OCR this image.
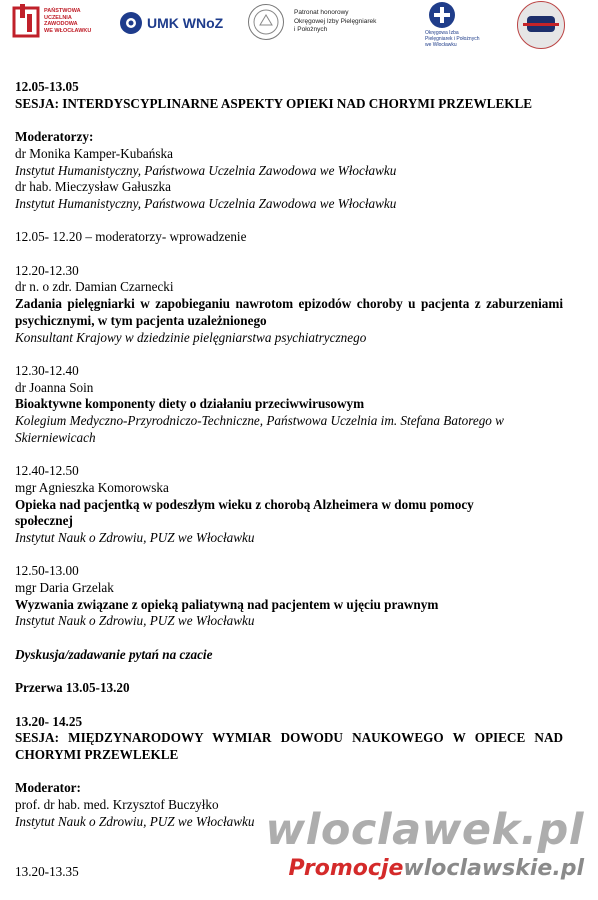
PAŃSTWOWA
UCZELNIA
ZAWODOWA
WE WŁOCŁAWKU	UMK WNoZ
Patronat honorowy
Okręgowej Izby Pielęgniarek
i Położnych	Okręgowa Izba
Pielęgniarek i Położnych
we Włocławku

12.05-13.05

SESJA: INTERDYSCYPLINARNE ASPEKTY OPIEKI NAD CHORYMI PRZEWLEKLE

Moderatorzy:

dr Monika Kamper-Kubańska

Instytut Humanistyczny, Państwowa Uczelnia Zawodowa we Włocławku

dr hab. Mieczysław Gałuszka

Instytut Humanistyczny, Państwowa Uczelnia Zawodowa we Włocławku

12.05- 12.20 – moderatorzy- wprowadzenie

12.20-12.30

dr n. o zdr. Damian Czarnecki

Zadania pielęgniarki w zapobieganiu nawrotom epizodów choroby u pacjenta z zaburzeniami psychicznymi, w tym pacjenta uzależnionego

Konsultant Krajowy w dziedzinie pielęgniarstwa psychiatrycznego

12.30-12.40

dr Joanna Soin

Bioaktywne komponenty diety o działaniu przeciwwirusowym

Kolegium Medyczno-Przyrodniczo-Techniczne, Państwowa Uczelnia im. Stefana Batorego w Skierniewicach

12.40-12.50

mgr Agnieszka Komorowska

Opieka nad pacjentką w podeszłym wieku z chorobą Alzheimera w domu pomocy społecznej

Instytut Nauk o Zdrowiu, PUZ we Włocławku

12.50-13.00

mgr Daria Grzelak

Wyzwania związane z opieką paliatywną nad pacjentem w ujęciu prawnym

Instytut Nauk o Zdrowiu, PUZ we Włocławku

Dyskusja/zadawanie pytań na czacie

Przerwa 13.05-13.20

13.20- 14.25

SESJA: MIĘDZYNARODOWY WYMIAR DOWODU NAUKOWEGO W OPIECE NAD CHORYMI PRZEWLEKLE

Moderator:

prof. dr hab. med. Krzysztof Buczyłko

Instytut Nauk o Zdrowiu, PUZ we Włocławku

13.20-13.35

wloclawek.pl
Promocjewloclawskie.pl
